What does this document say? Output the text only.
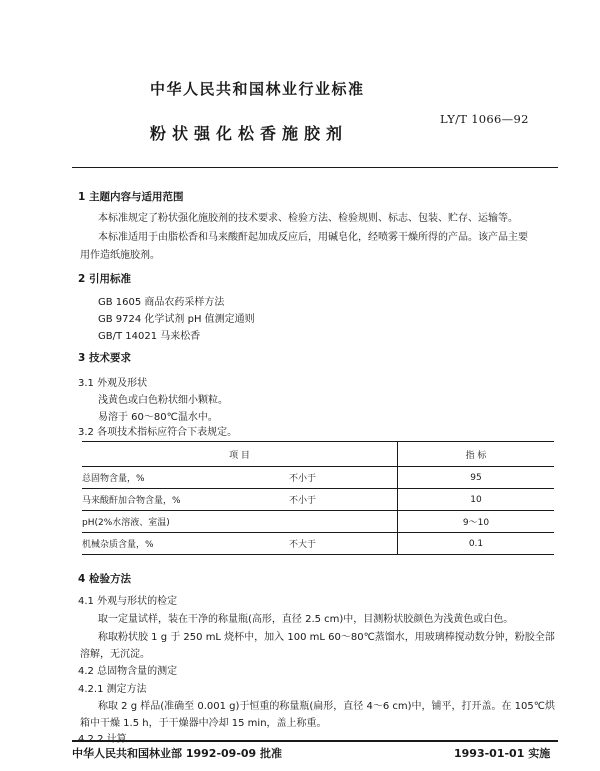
中华人民共和国林业行业标准
LY/T 1066—92
粉状强化松香施胶剂
1 主题内容与适用范围
本标准规定了粉状强化施胶剂的技术要求、检验方法、检验规则、标志、包装、贮存、运输等。
本标准适用于由脂松香和马来酸酐起加成反应后，用碱皂化，经喷雾干燥所得的产品。该产品主要
用作造纸施胶剂。
2 引用标准
GB 1605 商品农药采样方法
GB 9724 化学试剂 pH 值测定通则
GB/T 14021 马来松香
3 技术要求
3.1 外观及形状
浅黄色或白色粉状细小颗粒。
易溶于 60～80℃温水中。
3.2 各项技术指标应符合下表规定。
项 目		指 标
总固物含量，%	不小于	95
马来酸酐加合物含量，%	不小于	10
pH(2%水溶液、室温)		9～10
机械杂质含量，%	不大于	0.1
4 检验方法
4.1 外观与形状的检定
取一定量试样，装在干净的称量瓶(高形，直径 2.5 cm)中，目测粉状胶颜色为浅黄色或白色。
称取粉状胶 1 g 于 250 mL 烧杯中，加入 100 mL 60～80℃蒸馏水，用玻璃棒搅动数分钟，粉胶全部
溶解，无沉淀。
4.2 总固物含量的测定
4.2.1 测定方法
称取 2 g 样品(准确至 0.001 g)于恒重的称量瓶(扁形，直径 4～6 cm)中，铺平，打开盖。在 105℃烘
箱中干燥 1.5 h，于干燥器中冷却 15 min，盖上称重。
中华人民共和国林业部 1992-09-09 批准	1993-01-01 实施
